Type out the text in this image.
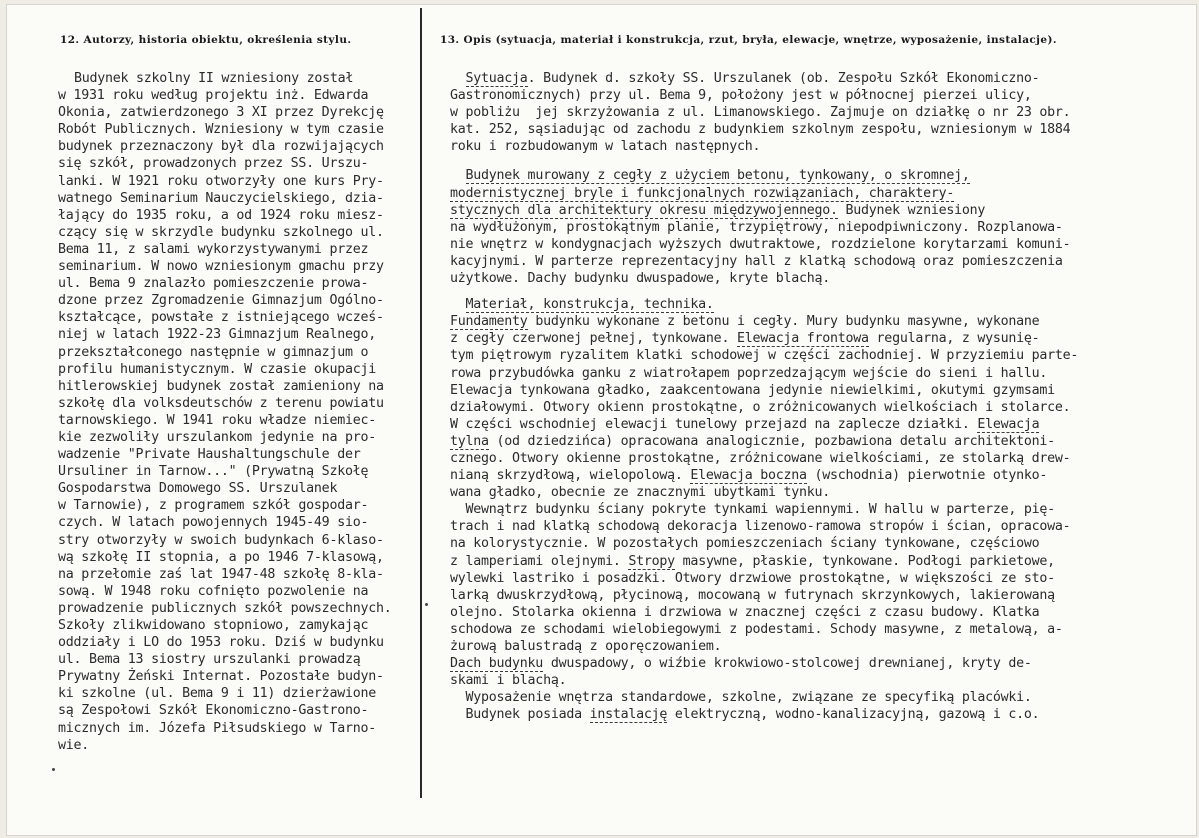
12. Autorzy, historia obiektu, określenia stylu.	13. Opis (sytuacja, materiał i konstrukcja, rzut, bryła, elewacje, wnętrze, wyposażenie, instalacje).

Budynek szkolny II wzniesiony został
w 1931 roku według projektu inż. Edwarda
Okonia, zatwierdzonego 3 XI przez Dyrekcję
Robót Publicznych. Wzniesiony w tym czasie
budynek przeznaczony był dla rozwijających
się szkół, prowadzonych przez SS. Urszu-
lanki. W 1921 roku otworzyły one kurs Pry-
watnego Seminarium Nauczycielskiego, dzia-
łający do 1935 roku, a od 1924 roku miesz-
czący się w skrzydle budynku szkolnego ul.
Bema 11, z salami wykorzystywanymi przez
seminarium. W nowo wzniesionym gmachu przy
ul. Bema 9 znalazło pomieszczenie prowa-
dzone przez Zgromadzenie Gimnazjum Ogólno-
kształcące, powstałe z istniejącego wcześ-
niej w latach 1922-23 Gimnazjum Realnego,
przekształconego następnie w gimnazjum o
profilu humanistycznym. W czasie okupacji
hitlerowskiej budynek został zamieniony na
szkołę dla volksdeutschów z terenu powiatu
tarnowskiego. W 1941 roku władze niemiec-
kie zezwoliły urszulankom jedynie na pro-
wadzenie "Private Haushaltungschule der
Ursuliner in Tarnow..." (Prywatną Szkołę
Gospodarstwa Domowego SS. Urszulanek
w Tarnowie), z programem szkół gospodar-
czych. W latach powojennych 1945-49 sio-
stry otworzyły w swoich budynkach 6-klaso-
wą szkołę II stopnia, a po 1946 7-klasową,
na przełomie zaś lat 1947-48 szkołę 8-kla-
sową. W 1948 roku cofnięto pozwolenie na
prowadzenie publicznych szkół powszechnych.
Szkoły zlikwidowano stopniowo, zamykając
oddziały i LO do 1953 roku. Dziś w budynku
ul. Bema 13 siostry urszulanki prowadzą
Prywatny Żeński Internat. Pozostałe budyn-
ki szkolne (ul. Bema 9 i 11) dzierżawione
są Zespołowi Szkół Ekonomiczno-Gastrono-
micznych im. Józefa Piłsudskiego w Tarno-
wie.
Sytuacja. Budynek d. szkoły SS. Urszulanek (ob. Zespołu Szkół Ekonomiczno-
Gastronomicznych) przy ul. Bema 9, położony jest w północnej pierzei ulicy,
w pobliżu  jej skrzyżowania z ul. Limanowskiego. Zajmuje on działkę o nr 23 obr.
kat. 252, sąsiadując od zachodu z budynkiem szkolnym zespołu, wzniesionym w 1884
roku i rozbudowanym w latach następnych.
Budynek murowany z cegły z użyciem betonu, tynkowany, o skromnej,
modernistycznej bryle i funkcjonalnych rozwiązaniach, charaktery-
stycznych dla architektury okresu międzywojennego. Budynek wzniesiony
na wydłużonym, prostokątnym planie, trzypiętrowy, niepodpiwniczony. Rozplanowa-
nie wnętrz w kondygnacjach wyższych dwutraktowe, rozdzielone korytarzami komuni-
kacyjnymi. W parterze reprezentacyjny hall z klatką schodową oraz pomieszczenia
użytkowe. Dachy budynku dwuspadowe, kryte blachą.
Materiał, konstrukcja, technika.
Fundamenty budynku wykonane z betonu i cegły. Mury budynku masywne, wykonane
z cegły czerwonej pełnej, tynkowane. Elewacja frontowa regularna, z wysunię-
tym piętrowym ryzalitem klatki schodowej w części zachodniej. W przyziemiu parte-
rowa przybudówka ganku z wiatrołapem poprzedzającym wejście do sieni i hallu.
Elewacja tynkowana gładko, zaakcentowana jedynie niewielkimi, okutymi gzymsami
działowymi. Otwory okienn prostokątne, o zróżnicowanych wielkościach i stolarce.
W części wschodniej elewacji tunelowy przejazd na zaplecze działki. Elewacja
tylna (od dziedzińca) opracowana analogicznie, pozbawiona detalu architektoni-
cznego. Otwory okienne prostokątne, zróżnicowane wielkościami, ze stolarką drew-
nianą skrzydłową, wielopolową. Elewacja boczna (wschodnia) pierwotnie otynko-
wana gładko, obecnie ze znacznymi ubytkami tynku.
Wewnątrz budynku ściany pokryte tynkami wapiennymi. W hallu w parterze, pię-
trach i nad klatką schodową dekoracja lizenowo-ramowa stropów i ścian, opracowa-
na kolorystycznie. W pozostałych pomieszczeniach ściany tynkowane, częściowo
z lamperiami olejnymi. Stropy masywne, płaskie, tynkowane. Podłogi parkietowe,
wylewki lastriko i posadzki. Otwory drzwiowe prostokątne, w większości ze sto-
larką dwuskrzydłową, płycinową, mocowaną w futrynach skrzynkowych, lakierowaną
olejno. Stolarka okienna i drzwiowa w znacznej części z czasu budowy. Klatka
schodowa ze schodami wielobiegowymi z podestami. Schody masywne, z metalową, a-
żurową balustradą z oporęczowaniem.
Dach budynku dwuspadowy, o wiźbie krokwiowo-stolcowej drewnianej, kryty de-
skami i blachą.
Wyposażenie wnętrza standardowe, szkolne, związane ze specyfiką placówki.
Budynek posiada instalację elektryczną, wodno-kanalizacyjną, gazową i c.o.
